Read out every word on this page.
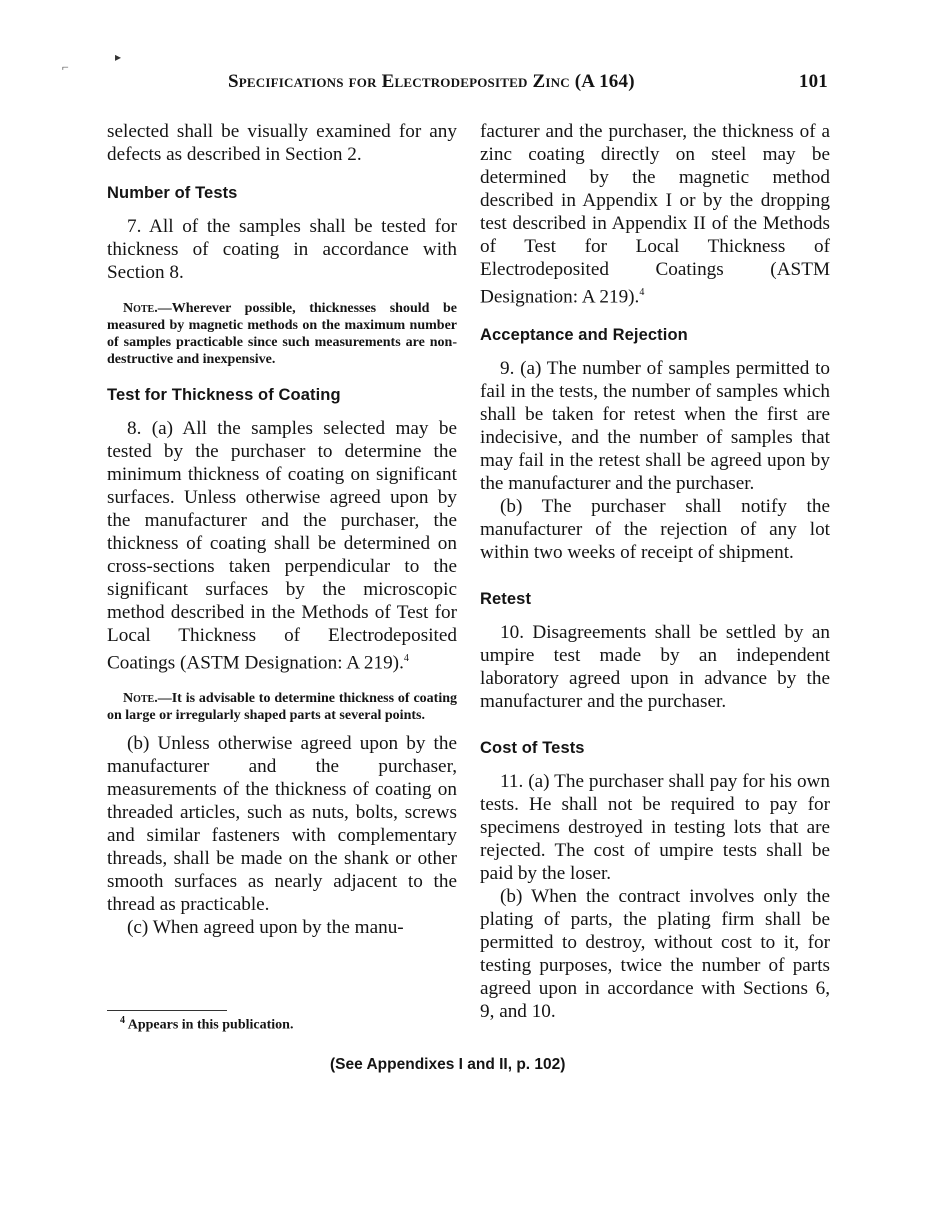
⌐
▸
Specifications for Electrodeposited Zinc (A 164)	101

selected shall be visually examined for any defects as described in Section 2.

Number of Tests

7. All of the samples shall be tested for thickness of coating in accordance with Section 8.

Note.—Wherever possible, thicknesses should be measured by magnetic methods on the maximum number of samples practicable since such measurements are non-destructive and inexpensive.

Test for Thickness of Coating

8. (a) All the samples selected may be tested by the purchaser to determine the minimum thickness of coating on significant surfaces. Unless otherwise agreed upon by the manufacturer and the purchaser, the thickness of coating shall be determined on cross-sections taken perpendicular to the significant surfaces by the microscopic method described in the Methods of Test for Local Thickness of Electrodeposited Coatings (ASTM Designation: A 219).$^4$

Note.—It is advisable to determine thickness of coating on large or irregularly shaped parts at several points.

(b) Unless otherwise agreed upon by the manufacturer and the purchaser, measurements of the thickness of coating on threaded articles, such as nuts, bolts, screws and similar fasteners with complementary threads, shall be made on the shank or other smooth surfaces as nearly adjacent to the thread as practicable.

(c) When agreed upon by the manu-

facturer and the purchaser, the thickness of a zinc coating directly on steel may be determined by the magnetic method described in Appendix I or by the dropping test described in Appendix II of the Methods of Test for Local Thickness of Electrodeposited Coatings (ASTM Designation: A 219).$^4$

Acceptance and Rejection

9. (a) The number of samples permitted to fail in the tests, the number of samples which shall be taken for retest when the first are indecisive, and the number of samples that may fail in the retest shall be agreed upon by the manufacturer and the purchaser.

(b) The purchaser shall notify the manufacturer of the rejection of any lot within two weeks of receipt of shipment.

Retest

10. Disagreements shall be settled by an umpire test made by an independent laboratory agreed upon in advance by the manufacturer and the purchaser.

Cost of Tests

11. (a) The purchaser shall pay for his own tests. He shall not be required to pay for specimens destroyed in testing lots that are rejected. The cost of umpire tests shall be paid by the loser.

(b) When the contract involves only the plating of parts, the plating firm shall be permitted to destroy, without cost to it, for testing purposes, twice the number of parts agreed upon in accordance with Sections 6, 9, and 10.

$^4$ Appears in this publication.
(See Appendixes I and II, p. 102)
